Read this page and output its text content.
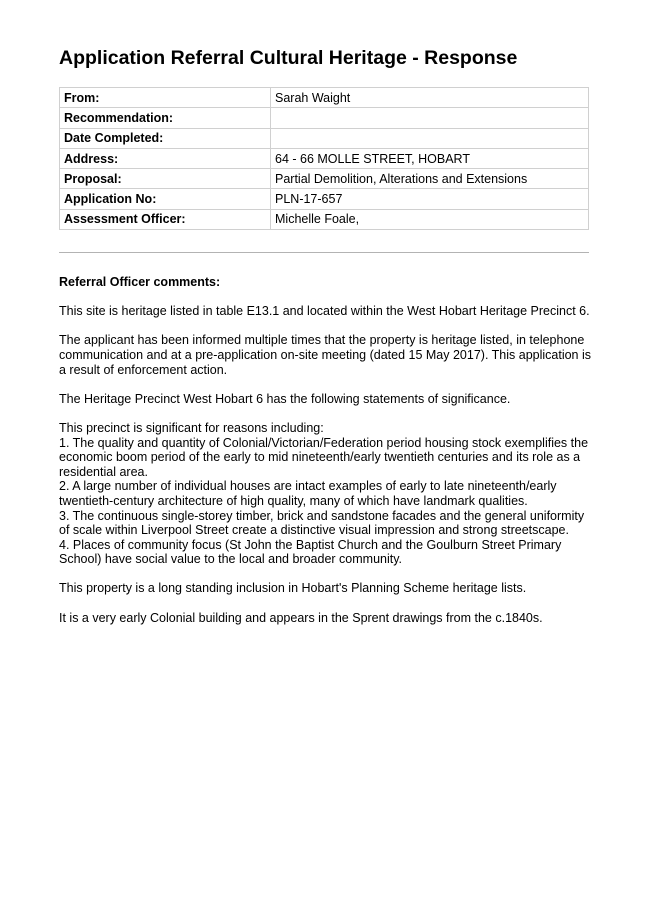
Application Referral Cultural Heritage - Response
From:	Sarah Waight
Recommendation:	
Date Completed:	
Address:	64 - 66 MOLLE STREET, HOBART
Proposal:	Partial Demolition, Alterations and Extensions
Application No:	PLN-17-657
Assessment Officer:	Michelle Foale,
Referral Officer comments:

This site is heritage listed in table E13.1 and located within the West Hobart Heritage Precinct 6.

The applicant has been informed multiple times that the property is heritage listed, in telephone communication and at a pre-application on-site meeting (dated 15 May 2017). This application is a result of enforcement action.

The Heritage Precinct West Hobart 6 has the following statements of significance.

This precinct is significant for reasons including:
1. The quality and quantity of Colonial/Victorian/Federation period housing stock exemplifies the economic boom period of the early to mid nineteenth/early twentieth centuries and its role as a residential area.
2. A large number of individual houses are intact examples of early to late nineteenth/early twentieth-century architecture of high quality, many of which have landmark qualities.
3. The continuous single-storey timber, brick and sandstone facades and the general uniformity of scale within Liverpool Street create a distinctive visual impression and strong streetscape.
4. Places of community focus (St John the Baptist Church and the Goulburn Street Primary School) have social value to the local and broader community.

This property is a long standing inclusion in Hobart's Planning Scheme heritage lists.

It is a very early Colonial building and appears in the Sprent drawings from the c.1840s.
